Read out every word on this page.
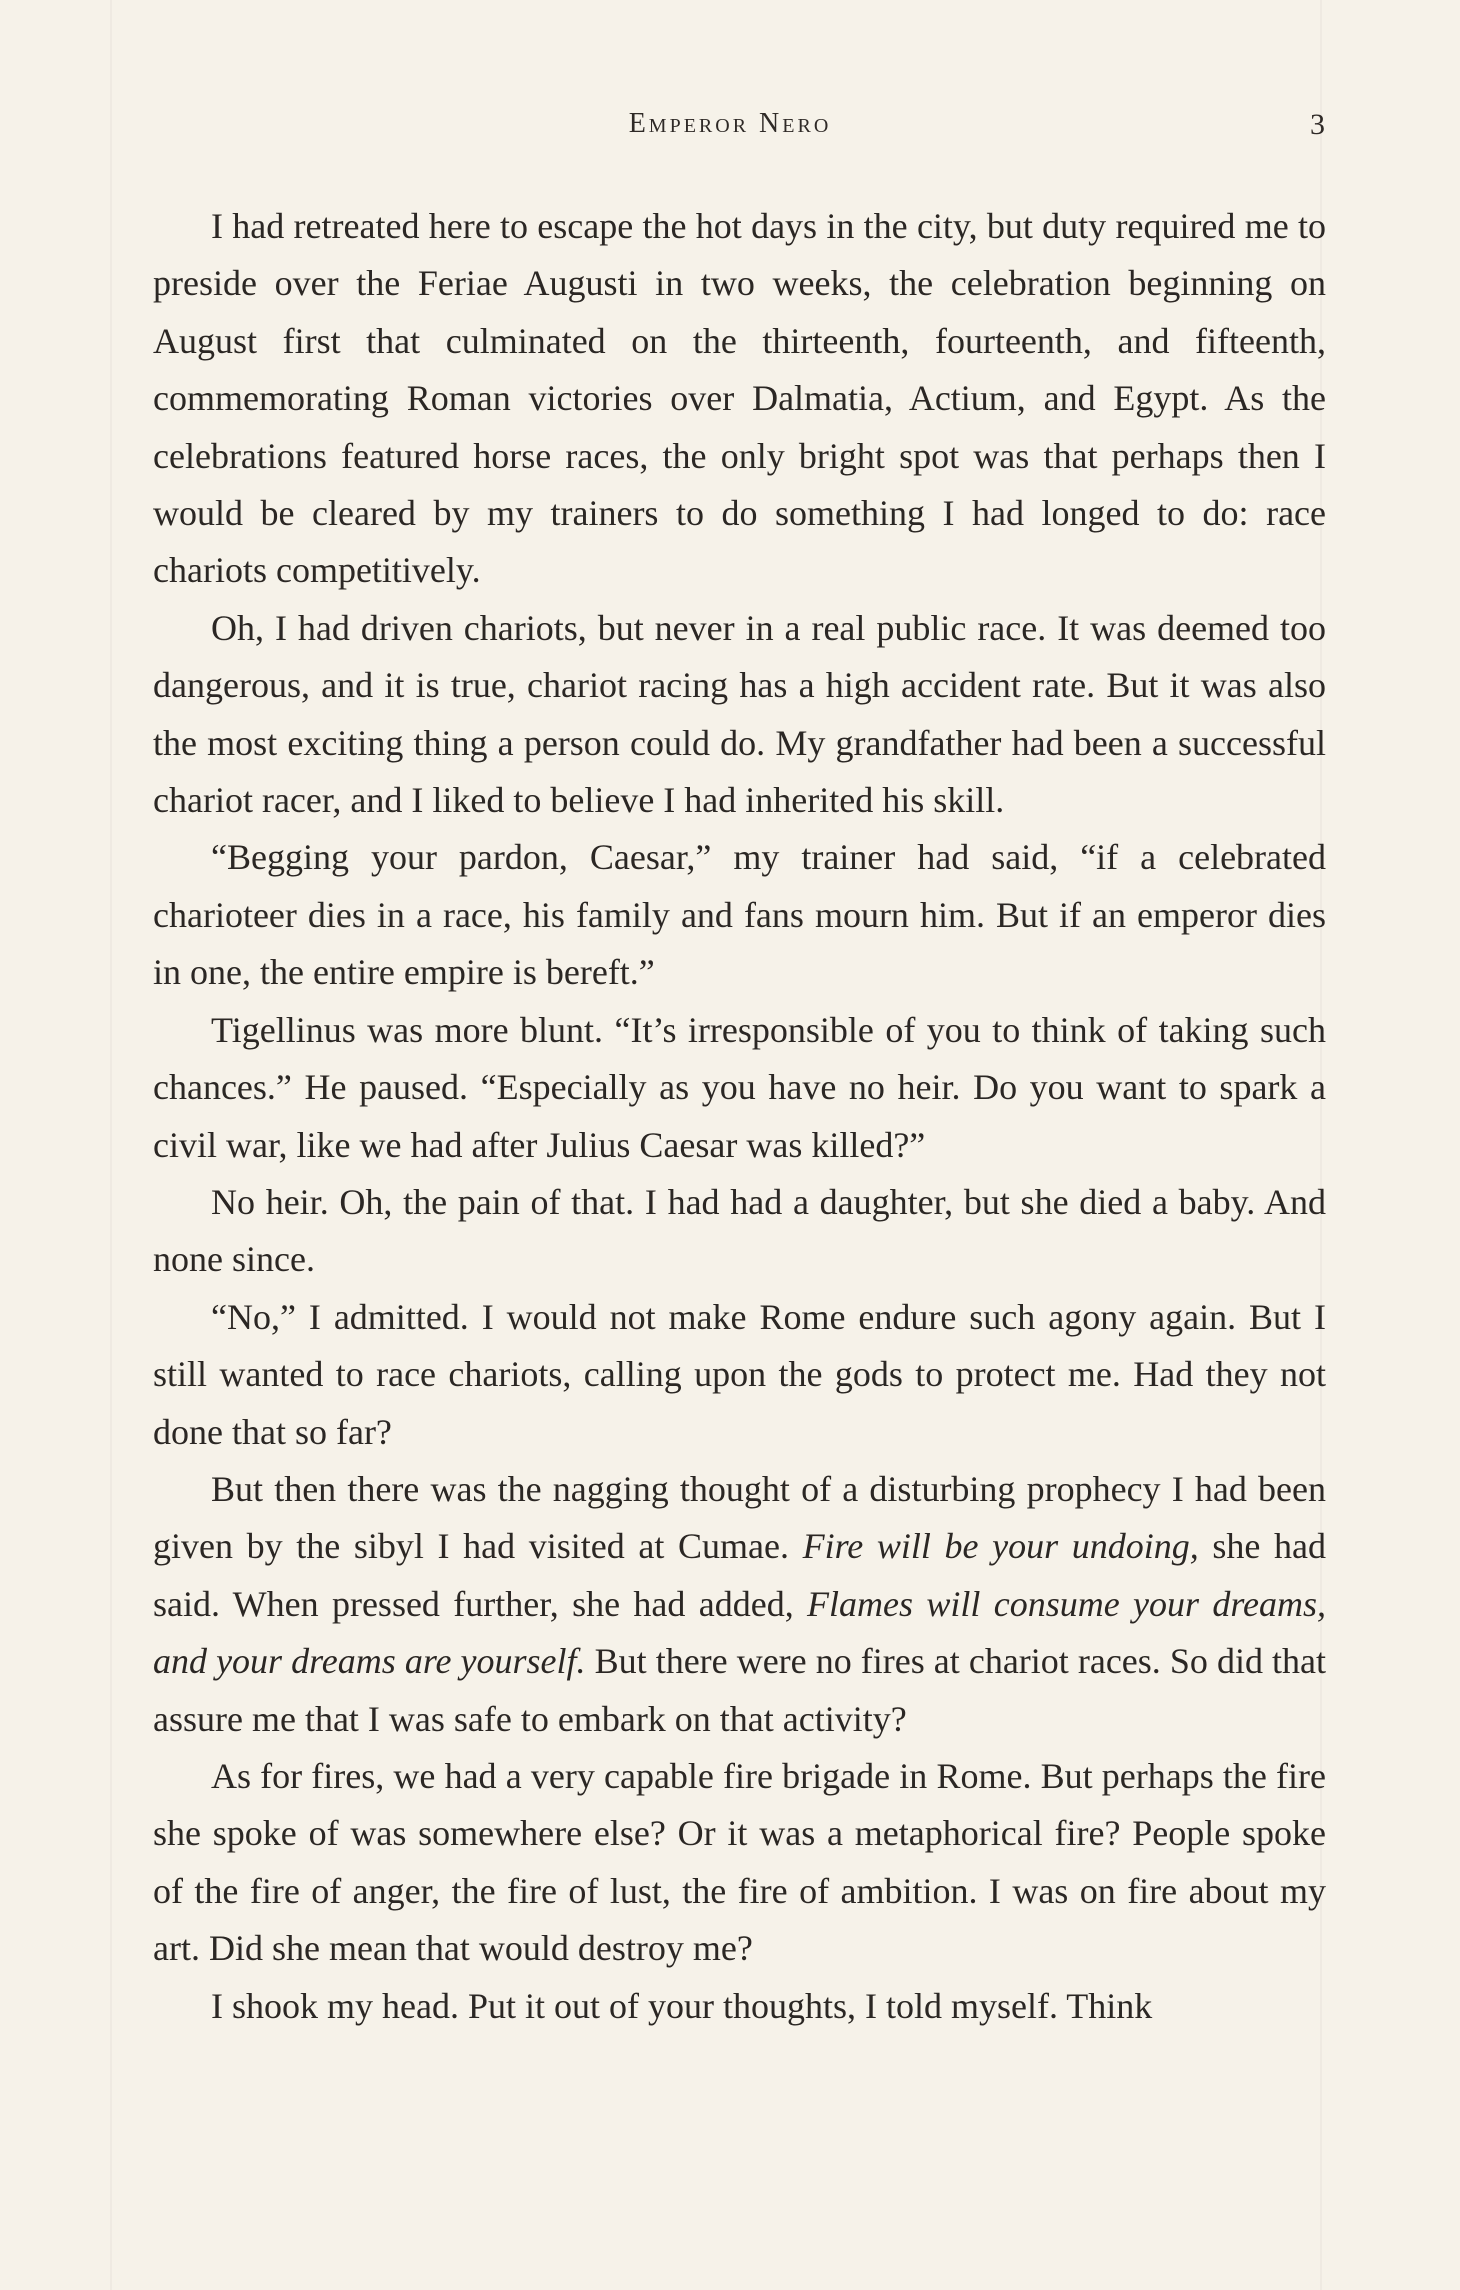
Emperor Nero	3

I had retreated here to escape the hot days in the city, but duty required me to preside over the Feriae Augusti in two weeks, the celebration beginning on August first that culminated on the thirteenth, fourteenth, and fifteenth, commemorating Roman victories over Dalmatia, Actium, and Egypt. As the celebrations featured horse races, the only bright spot was that perhaps then I would be cleared by my trainers to do something I had longed to do: race chariots competitively.

Oh, I had driven chariots, but never in a real public race. It was deemed too dangerous, and it is true, chariot racing has a high accident rate. But it was also the most exciting thing a person could do. My grandfather had been a successful chariot racer, and I liked to believe I had inherited his skill.

“Begging your pardon, Caesar,” my trainer had said, “if a celebrated charioteer dies in a race, his family and fans mourn him. But if an emperor dies in one, the entire empire is bereft.”

Tigellinus was more blunt. “It’s irresponsible of you to think of taking such chances.” He paused. “Especially as you have no heir. Do you want to spark a civil war, like we had after Julius Caesar was killed?”

No heir. Oh, the pain of that. I had had a daughter, but she died a baby. And none since.

“No,” I admitted. I would not make Rome endure such agony again. But I still wanted to race chariots, calling upon the gods to protect me. Had they not done that so far?

But then there was the nagging thought of a disturbing prophecy I had been given by the sibyl I had visited at Cumae. Fire will be your undoing, she had said. When pressed further, she had added, Flames will consume your dreams, and your dreams are yourself. But there were no fires at chariot races. So did that assure me that I was safe to embark on that activity?

As for fires, we had a very capable fire brigade in Rome. But perhaps the fire she spoke of was somewhere else? Or it was a metaphorical fire? People spoke of the fire of anger, the fire of lust, the fire of ambition. I was on fire about my art. Did she mean that would destroy me?

I shook my head. Put it out of your thoughts, I told myself. Think
